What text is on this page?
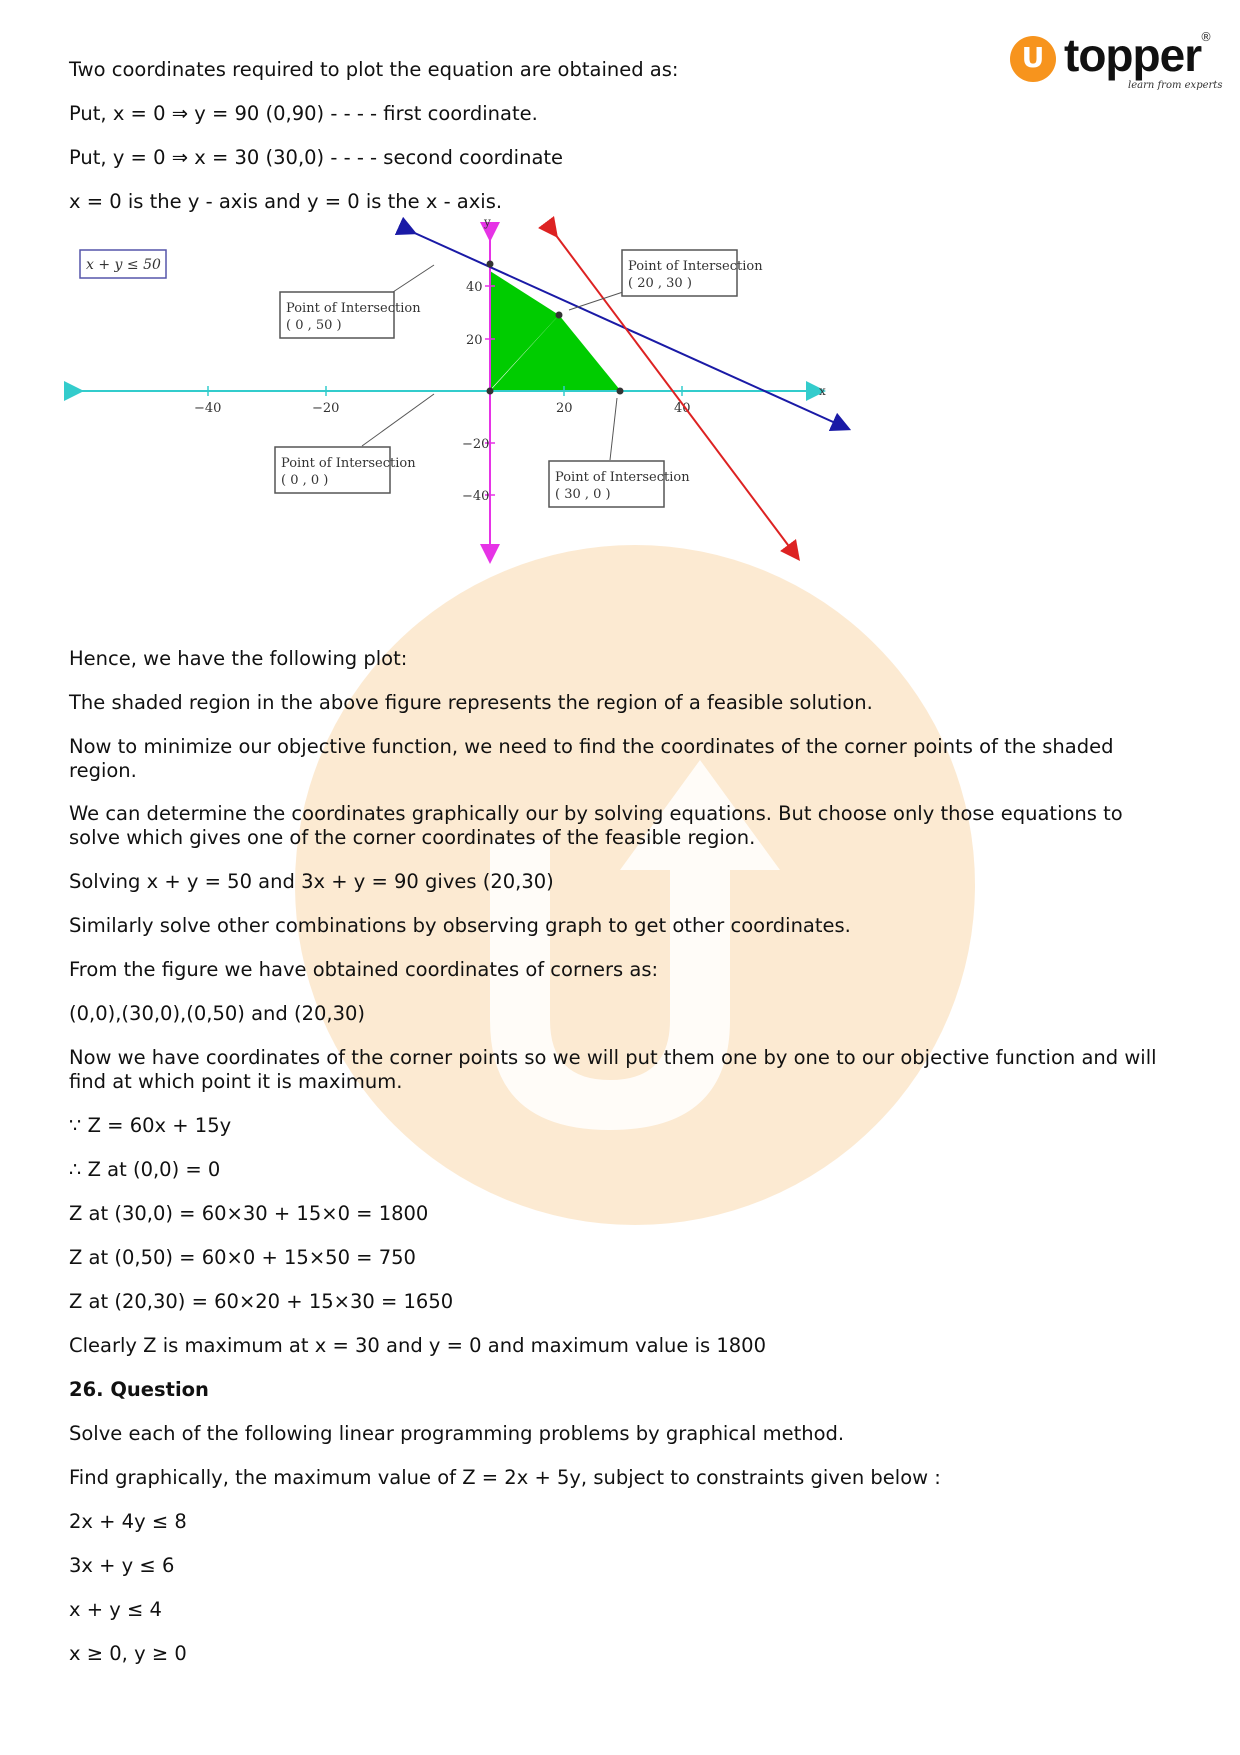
U topper
®
learn from experts
Two coordinates required to plot the equation are obtained as:
Put, x = 0 ⇒ y = 90 (0,90) - - - - first coordinate.
Put, y = 0 ⇒ x = 30 (30,0) - - - - second coordinate
x = 0 is the y - axis and y = 0 is the x - axis.
Hence, we have the following plot:
The shaded region in the above figure represents the region of a feasible solution.
Now to minimize our objective function, we need to find the coordinates of the corner points of the shaded region.
We can determine the coordinates graphically our by solving equations. But choose only those equations to solve which gives one of the corner coordinates of the feasible region.
Solving x + y = 50 and 3x + y = 90 gives (20,30)
Similarly solve other combinations by observing graph to get other coordinates.
From the figure we have obtained coordinates of corners as:
(0,0),(30,0),(0,50) and (20,30)
Now we have coordinates of the corner points so we will put them one by one to our objective function and will find at which point it is maximum.
∵ Z = 60x + 15y
∴ Z at (0,0) = 0
Z at (30,0) = 60×30 + 15×0 = 1800
Z at (0,50) = 60×0 + 15×50 = 750
Z at (20,30) = 60×20 + 15×30 = 1650
Clearly Z is maximum at x = 30 and y = 0 and maximum value is 1800
26. Question
Solve each of the following linear programming problems by graphical method.
Find graphically, the maximum value of Z = 2x + 5y, subject to constraints given below :
2x + 4y ≤ 8
3x + y ≤ 6
x + y ≤ 4
x ≥ 0, y ≥ 0
x + y ≤ 50
x
−40	−20	20	40
y
40
20
−20
−40
Point of Intersection
( 0 , 50 )
Point of Intersection
( 20 , 30 )
Point of Intersection
( 0 , 0 )	Point of Intersection
( 30 , 0 )
